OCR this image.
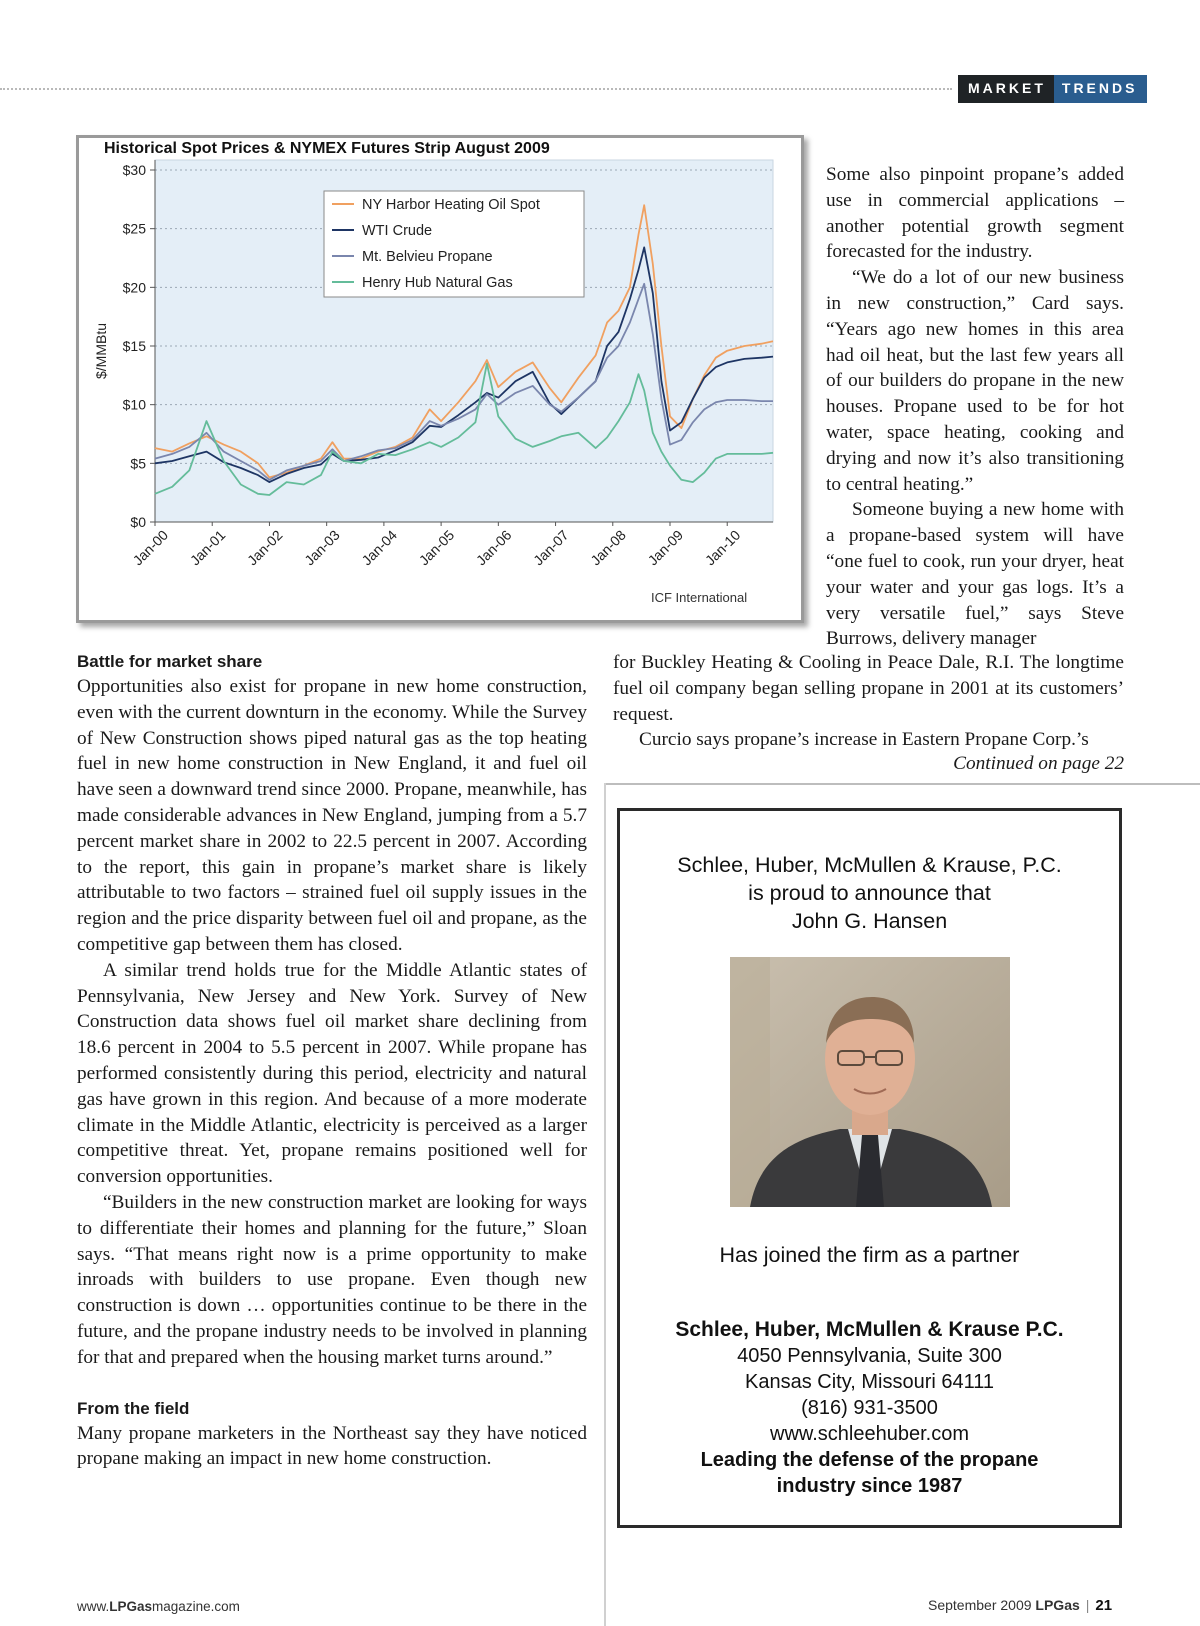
MARKET	TRENDS
Historical Spot Prices & NYMEX Futures Strip August 2009
$0
$5
$10
$15
$20
$25
$30
$/MMBtu
Jan-00 Jan-01 Jan-02 Jan-03 Jan-04 Jan-05 Jan-06 Jan-07 Jan-08 Jan-09 Jan-10
NY Harbor Heating Oil Spot
WTI Crude
Mt. Belvieu Propane
Henry Hub Natural Gas
ICF International

Some also pinpoint propane’s added use in commercial applications – another potential growth segment forecasted for the industry.

“We do a lot of our new business in new construction,” Card says. “Years ago new homes in this area had oil heat, but the last few years all of our builders do propane in the new houses. Propane used to be for hot water, space heating, cooking and drying and now it’s also transitioning to central heating.”

Someone buying a new home with a propane-based system will have “one fuel to cook, run your dryer, heat your water and your gas logs. It’s a very versatile fuel,” says Steve Burrows, delivery manager

for Buckley Heating & Cooling in Peace Dale, R.I. The longtime fuel oil company began selling propane in 2001 at its customers’ request.

Curcio says propane’s increase in Eastern Propane Corp.’s

Continued on page 22
Battle for market share

Opportunities also exist for propane in new home construction, even with the current downturn in the economy. While the Survey of New Construction shows piped natural gas as the top heating fuel in new home construction in New England, it and fuel oil have seen a downward trend since 2000. Propane, meanwhile, has made considerable advances in New England, jumping from a 5.7 percent market share in 2002 to 22.5 percent in 2007. According to the report, this gain in propane’s market share is likely attributable to two factors – strained fuel oil supply issues in the region and the price disparity between fuel oil and propane, as the competitive gap between them has closed.

A similar trend holds true for the Middle Atlantic states of Pennsylvania, New Jersey and New York. Survey of New Construction data shows fuel oil market share declining from 18.6 percent in 2004 to 5.5 percent in 2007. While propane has performed consistently during this period, electricity and natural gas have grown in this region. And because of a more moderate climate in the Middle Atlantic, electricity is perceived as a larger competitive threat. Yet, propane remains positioned well for conversion opportunities.

“Builders in the new construction market are looking for ways to differentiate their homes and planning for the future,” Sloan says. “That means right now is a prime opportunity to make inroads with builders to use propane. Even though new construction is down … opportunities continue to be there in the future, and the propane industry needs to be involved in planning for that and prepared when the housing market turns around.”

From the field

Many propane marketers in the Northeast say they have noticed propane making an impact in new home construction.

Schlee, Huber, McMullen & Krause, P.C.
is proud to announce that
John G. Hansen
Has joined the firm as a partner
Schlee, Huber, McMullen & Krause P.C.
4050 Pennsylvania, Suite 300
Kansas City, Missouri 64111
(816) 931-3500
www.schleehuber.com
Leading the defense of the propane
industry since 1987
www.LPGasmagazine.com	September 2009 LPGas | 21
